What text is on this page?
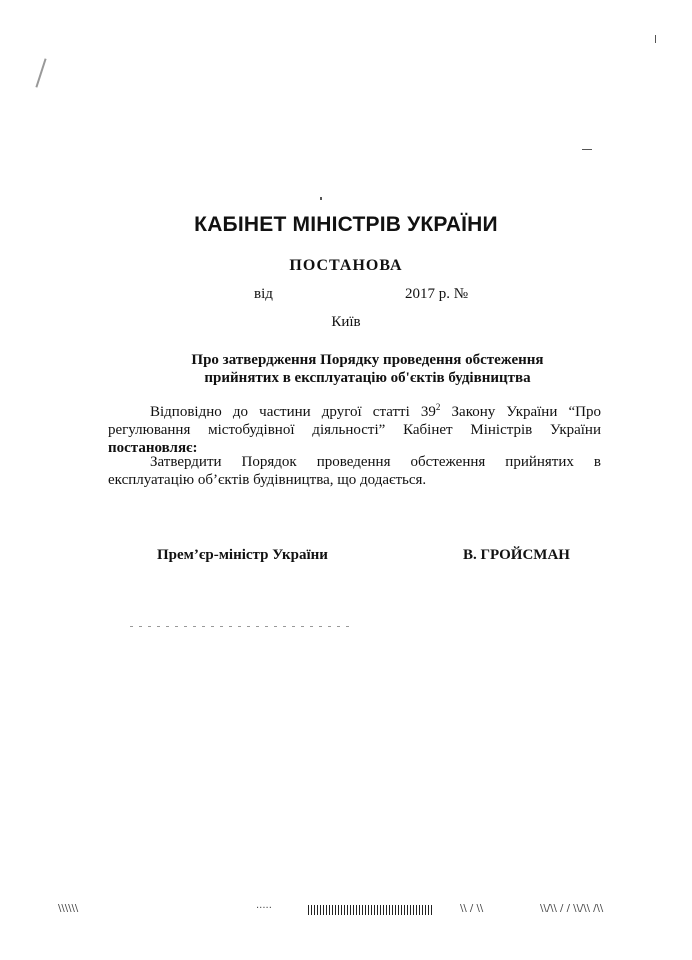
КАБІНЕТ МІНІСТРІВ УКРАЇНИ
ПОСТАНОВА
від	2017 р. №
Київ
Про затвердження Порядку проведення обстеження
прийнятих в експлуатацію об'єктів будівництва
Відповідно до частини другої статті $39^2$ Закону України “Про регулювання містобудівної діяльності” Кабінет Міністрів України постановляє:
Затвердити Порядок проведення обстеження прийнятих в експлуатацію об’єктів будівництва, що додається.
Прем’єр-міністр України	В. ГРОЙСМАН
\\\\\\	·····	\\ / \\	\\/\\ / / \\/\\ /\\
